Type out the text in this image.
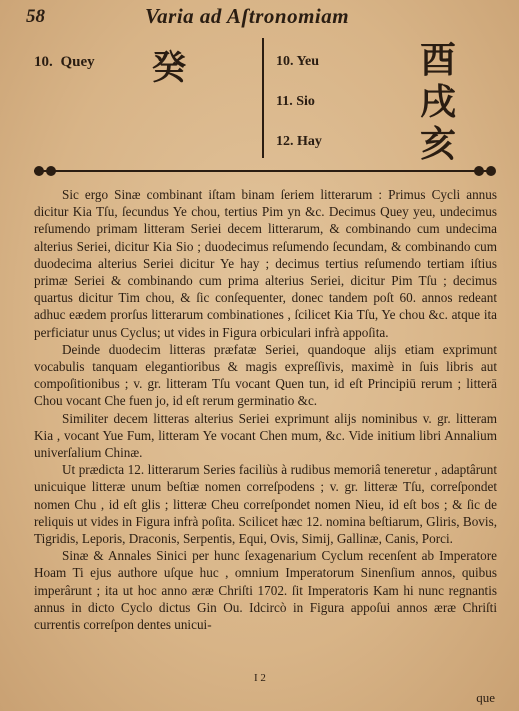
58	Varia ad Aſtronomiam
10. Quey 癸	10. Yeu
11. Sio
12. Hay
酉
戌
亥

Sic ergo Sinæ combinant iſtam binam ſeriem litterarum : Primus Cycli annus dicitur Kia Tſu, ſecundus Ye chou, tertius Pim yn &c. Decimus Quey yeu, undecimus reſumendo primam litteram Seriei decem litterarum, & combinando cum undecima alterius Seriei, dicitur Kia Sio ; duodecimus reſumendo ſecundam, & combinando cum duodecima alterius Seriei dicitur Ye hay ; decimus tertius reſumendo tertiam iſtius primæ Seriei & combinando cum prima alterius Seriei, dicitur Pim Tſu ; decimus quartus dicitur Tim chou, & ſic conſequenter, donec tandem poſt 60. annos redeant adhuc eædem prorſus litterarum combinationes , ſcilicet Kia Tſu, Ye chou &c. atque ita perficiatur unus Cyclus; ut vides in Figura orbiculari infrà appoſita.

Deinde duodecim litteras præfatæ Seriei, quandoque alijs etiam exprimunt vocabulis tanquam elegantioribus & magis expreſſivis, maximè in ſuis libris aut compoſitionibus ; v. gr. litteram Tſu vocant Quen tun, id eſt Principiū rerum ; litterā Chou vocant Che fuen jo, id eſt rerum germinatio &c.

Similiter decem litteras alterius Seriei exprimunt alijs nominibus v. gr. litteram Kia , vocant Yue Fum, litteram Ye vocant Chen mum, &c. Vide initium libri Annalium univerſalium Chinæ.

Ut prædicta 12. litterarum Series faciliùs à rudibus memoriâ teneretur , adaptârunt unicuique litteræ unum beſtiæ nomen correſpodens ; v. gr. litteræ Tſu, correſpondet nomen Chu , id eſt glis ; litteræ Cheu correſpondet nomen Nieu, id eſt bos ; & ſic de reliquis ut vides in Figura infrà poſita. Scilicet hæc 12. nomina beſtiarum, Gliris, Bovis, Tigridis, Leporis, Draconis, Serpentis, Equi, Ovis, Simij, Gallinæ, Canis, Porci.

Sinæ & Annales Sinici per hunc ſexagenarium Cyclum recenſent ab Imperatore Hoam Ti ejus authore uſque huc , omnium Imperatorum Sinenſium annos, quibus imperârunt ; ita ut hoc anno æræ Chriſti 1702. ſit Imperatoris Kam hi nunc regnantis annus in dicto Cyclo dictus Gin Ou. Idcircò in Figura appoſui annos æræ Chriſti currentis correſpon dentes unicui-

I 2
que
